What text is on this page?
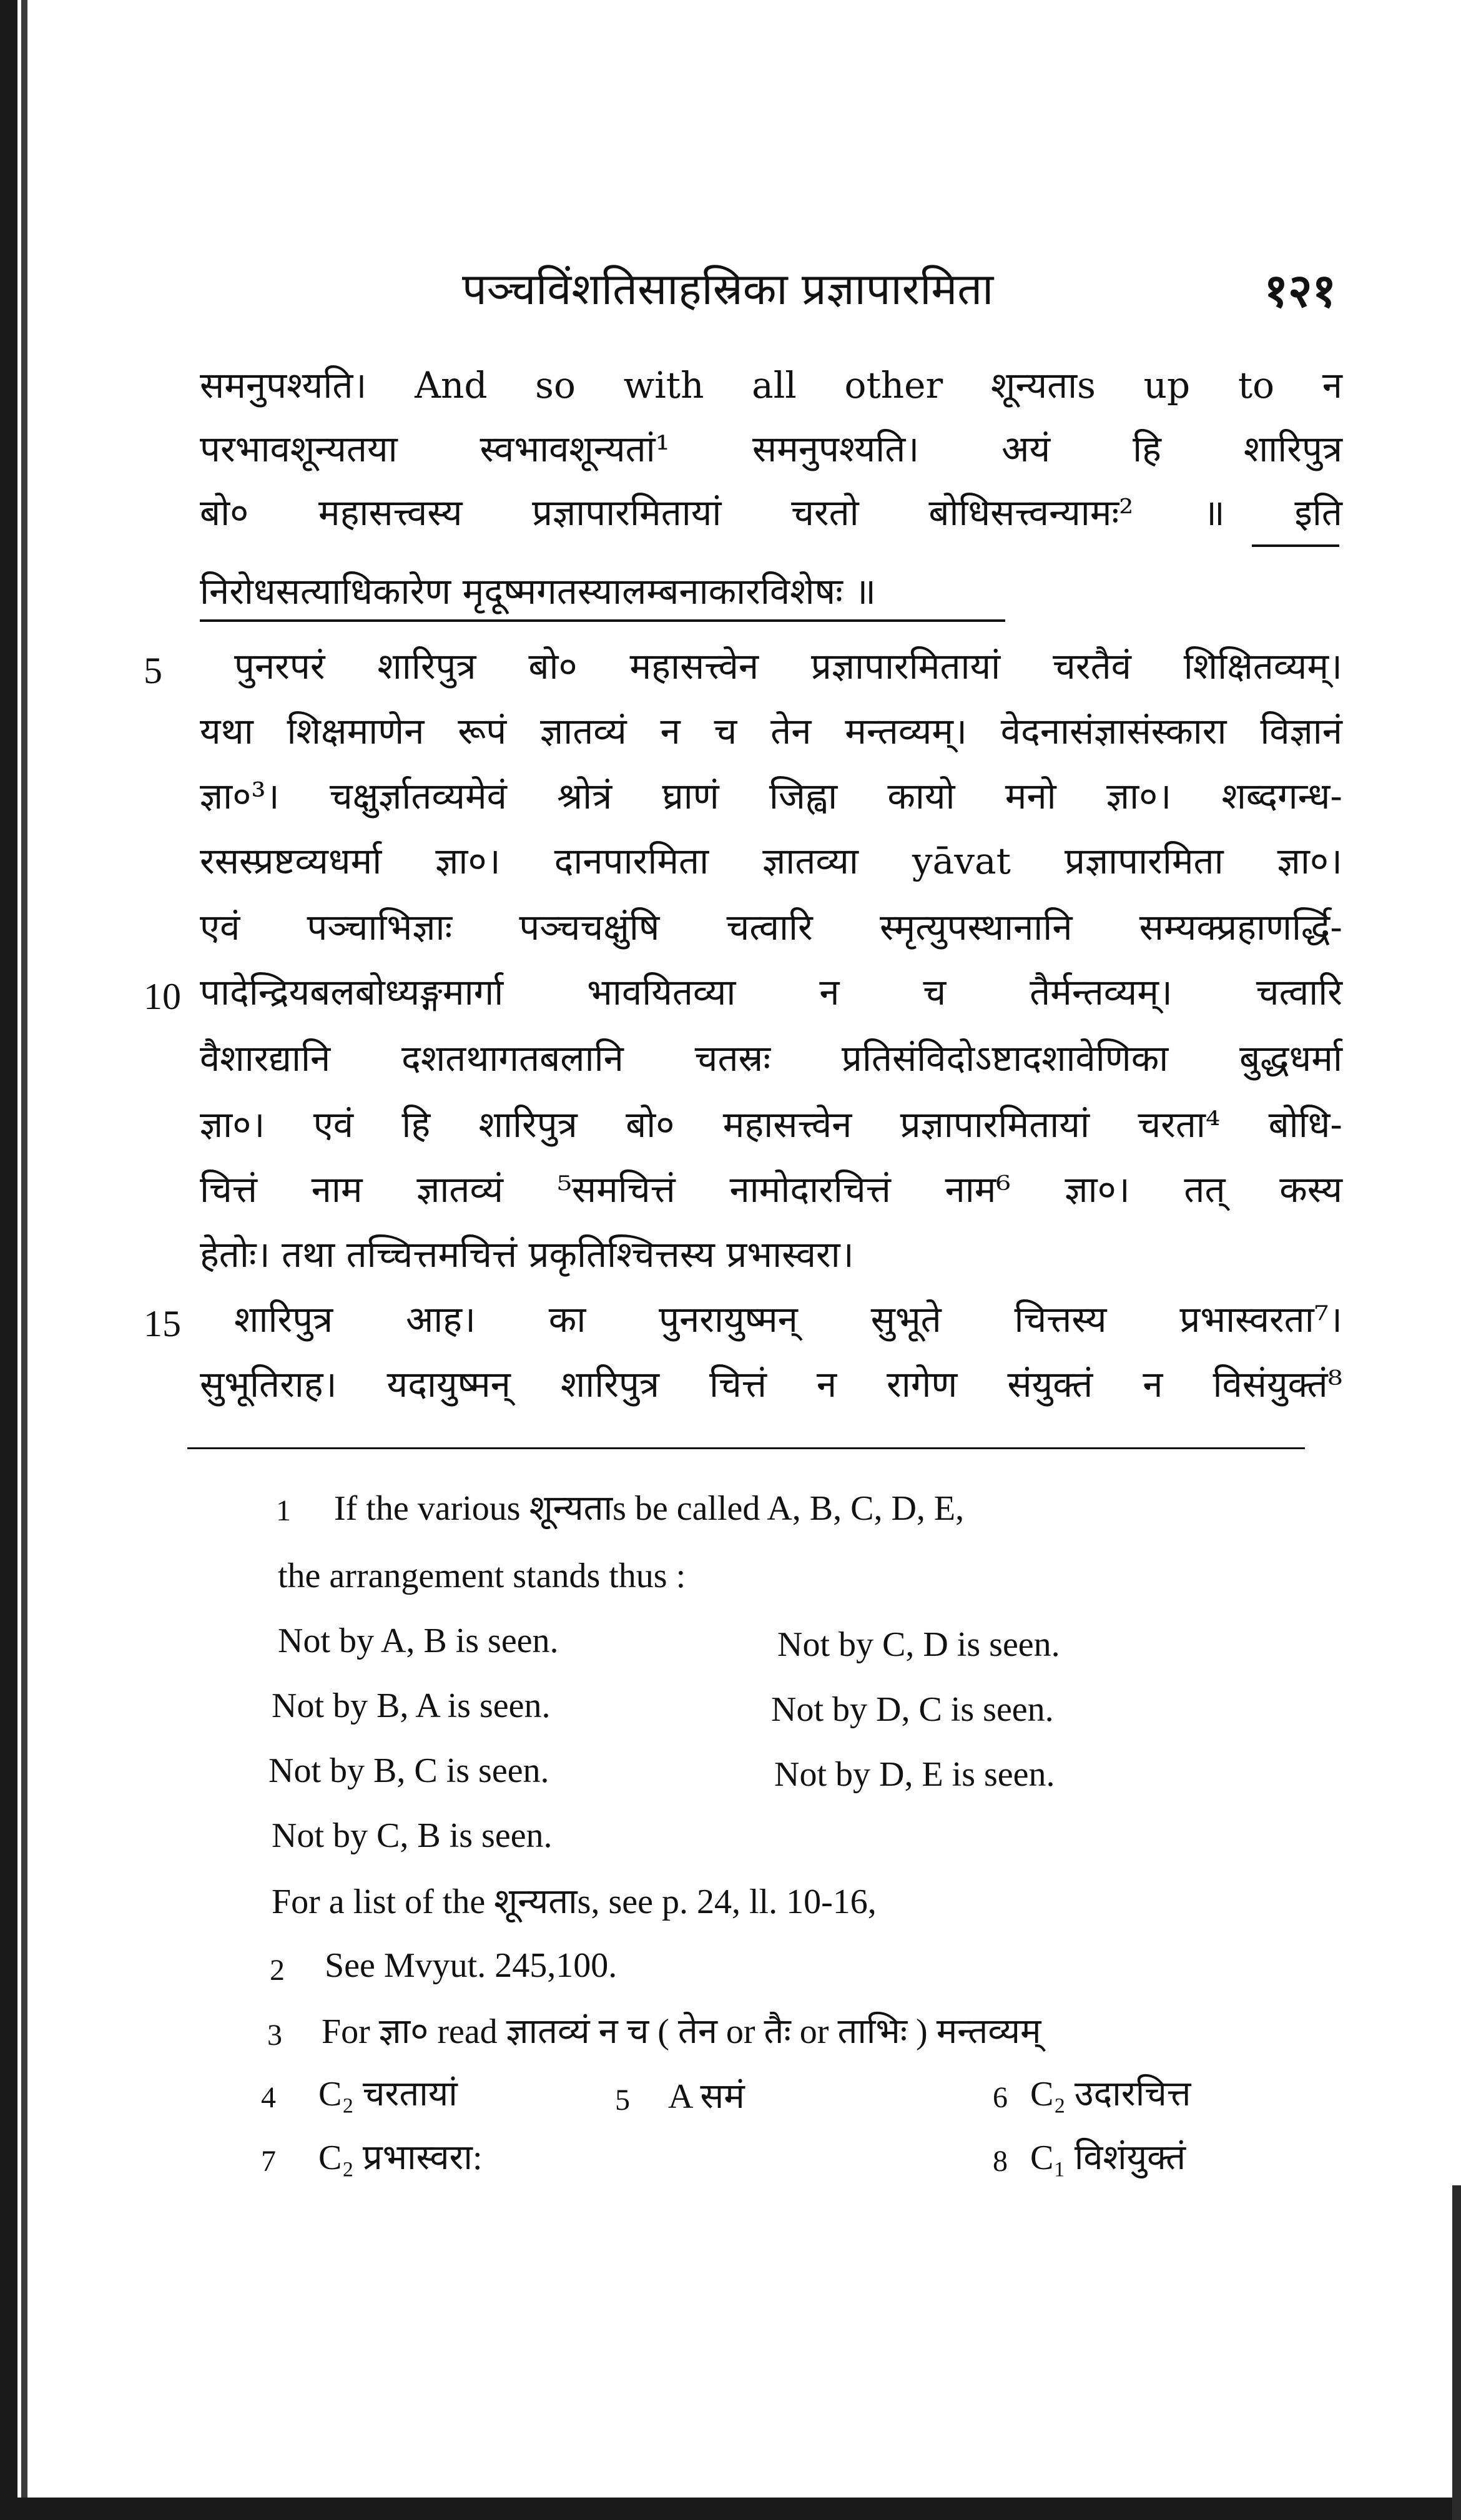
पञ्चविंशतिसाहस्रिका प्रज्ञापारमिता	१२१
समनुपश्यति। And so with all other शून्यताs up to न
परभावशून्यतया स्वभावशून्यतां¹ समनुपश्यति। अयं हि शारिपुत्र
बो० महासत्त्वस्य प्रज्ञापारमितायां चरतो बोधिसत्त्वन्यामः² ॥ इति
निरोधसत्याधिकारेण मृदूष्मगतस्यालम्बनाकारविशेषः ॥
5	पुनरपरं शारिपुत्र बो० महासत्त्वेन प्रज्ञापारमितायां चरतैवं शिक्षितव्यम्।
यथा शिक्षमाणेन रूपं ज्ञातव्यं न च तेन मन्तव्यम्। वेदनासंज्ञासंस्कारा विज्ञानं
ज्ञा०³। चक्षुर्ज्ञातव्यमेवं श्रोत्रं घ्राणं जिह्वा कायो मनो ज्ञा०। शब्दगन्ध-
रसस्प्रष्टव्यधर्मा ज्ञा०। दानपारमिता ज्ञातव्या yāvat प्रज्ञापारमिता ज्ञा०।
एवं पञ्चाभिज्ञाः पञ्चचक्षुंषि चत्वारि स्मृत्युपस्थानानि सम्यक्प्रहाणर्द्धि-
10 पादेन्द्रियबलबोध्यङ्गमार्गा भावयितव्या न च तैर्मन्तव्यम्। चत्वारि
वैशारद्यानि दशतथागतबलानि चतस्रः प्रतिसंविदोऽष्टादशावेणिका बुद्धधर्मा
ज्ञा०। एवं हि शारिपुत्र बो० महासत्त्वेन प्रज्ञापारमितायां चरता⁴ बोधि-
चित्तं नाम ज्ञातव्यं ⁵समचित्तं नामोदारचित्तं नाम⁶ ज्ञा०। तत् कस्य
हेतोः। तथा तच्चित्तमचित्तं प्रकृतिश्चित्तस्य प्रभास्वरा।
15	शारिपुत्र आह। का पुनरायुष्मन् सुभूते चित्तस्य प्रभास्वरता⁷।
सुभूतिराह। यदायुष्मन् शारिपुत्र चित्तं न रागेण संयुक्तं न विसंयुक्तं⁸
1 If the various शून्यताs be called A, B, C, D, E,
the arrangement stands thus :
Not by A, B is seen.	Not by C, D is seen.
Not by B, A is seen.	Not by D, C is seen.
Not by B, C is seen.	Not by D, E is seen.
Not by C, B is seen.
For a list of the शून्यताs, see p. 24, ll. 10-16,
2 See Mvyut. 245,100.
3 For ज्ञा० read ज्ञातव्यं न च ( तेन or तैः or ताभिः ) मन्तव्यम्
4 C₂ चरतायां	5 A समं	6 C₂ उदारचित्त
7 C₂ प्रभास्वरा:	8 C₁ विशंयुक्तं
